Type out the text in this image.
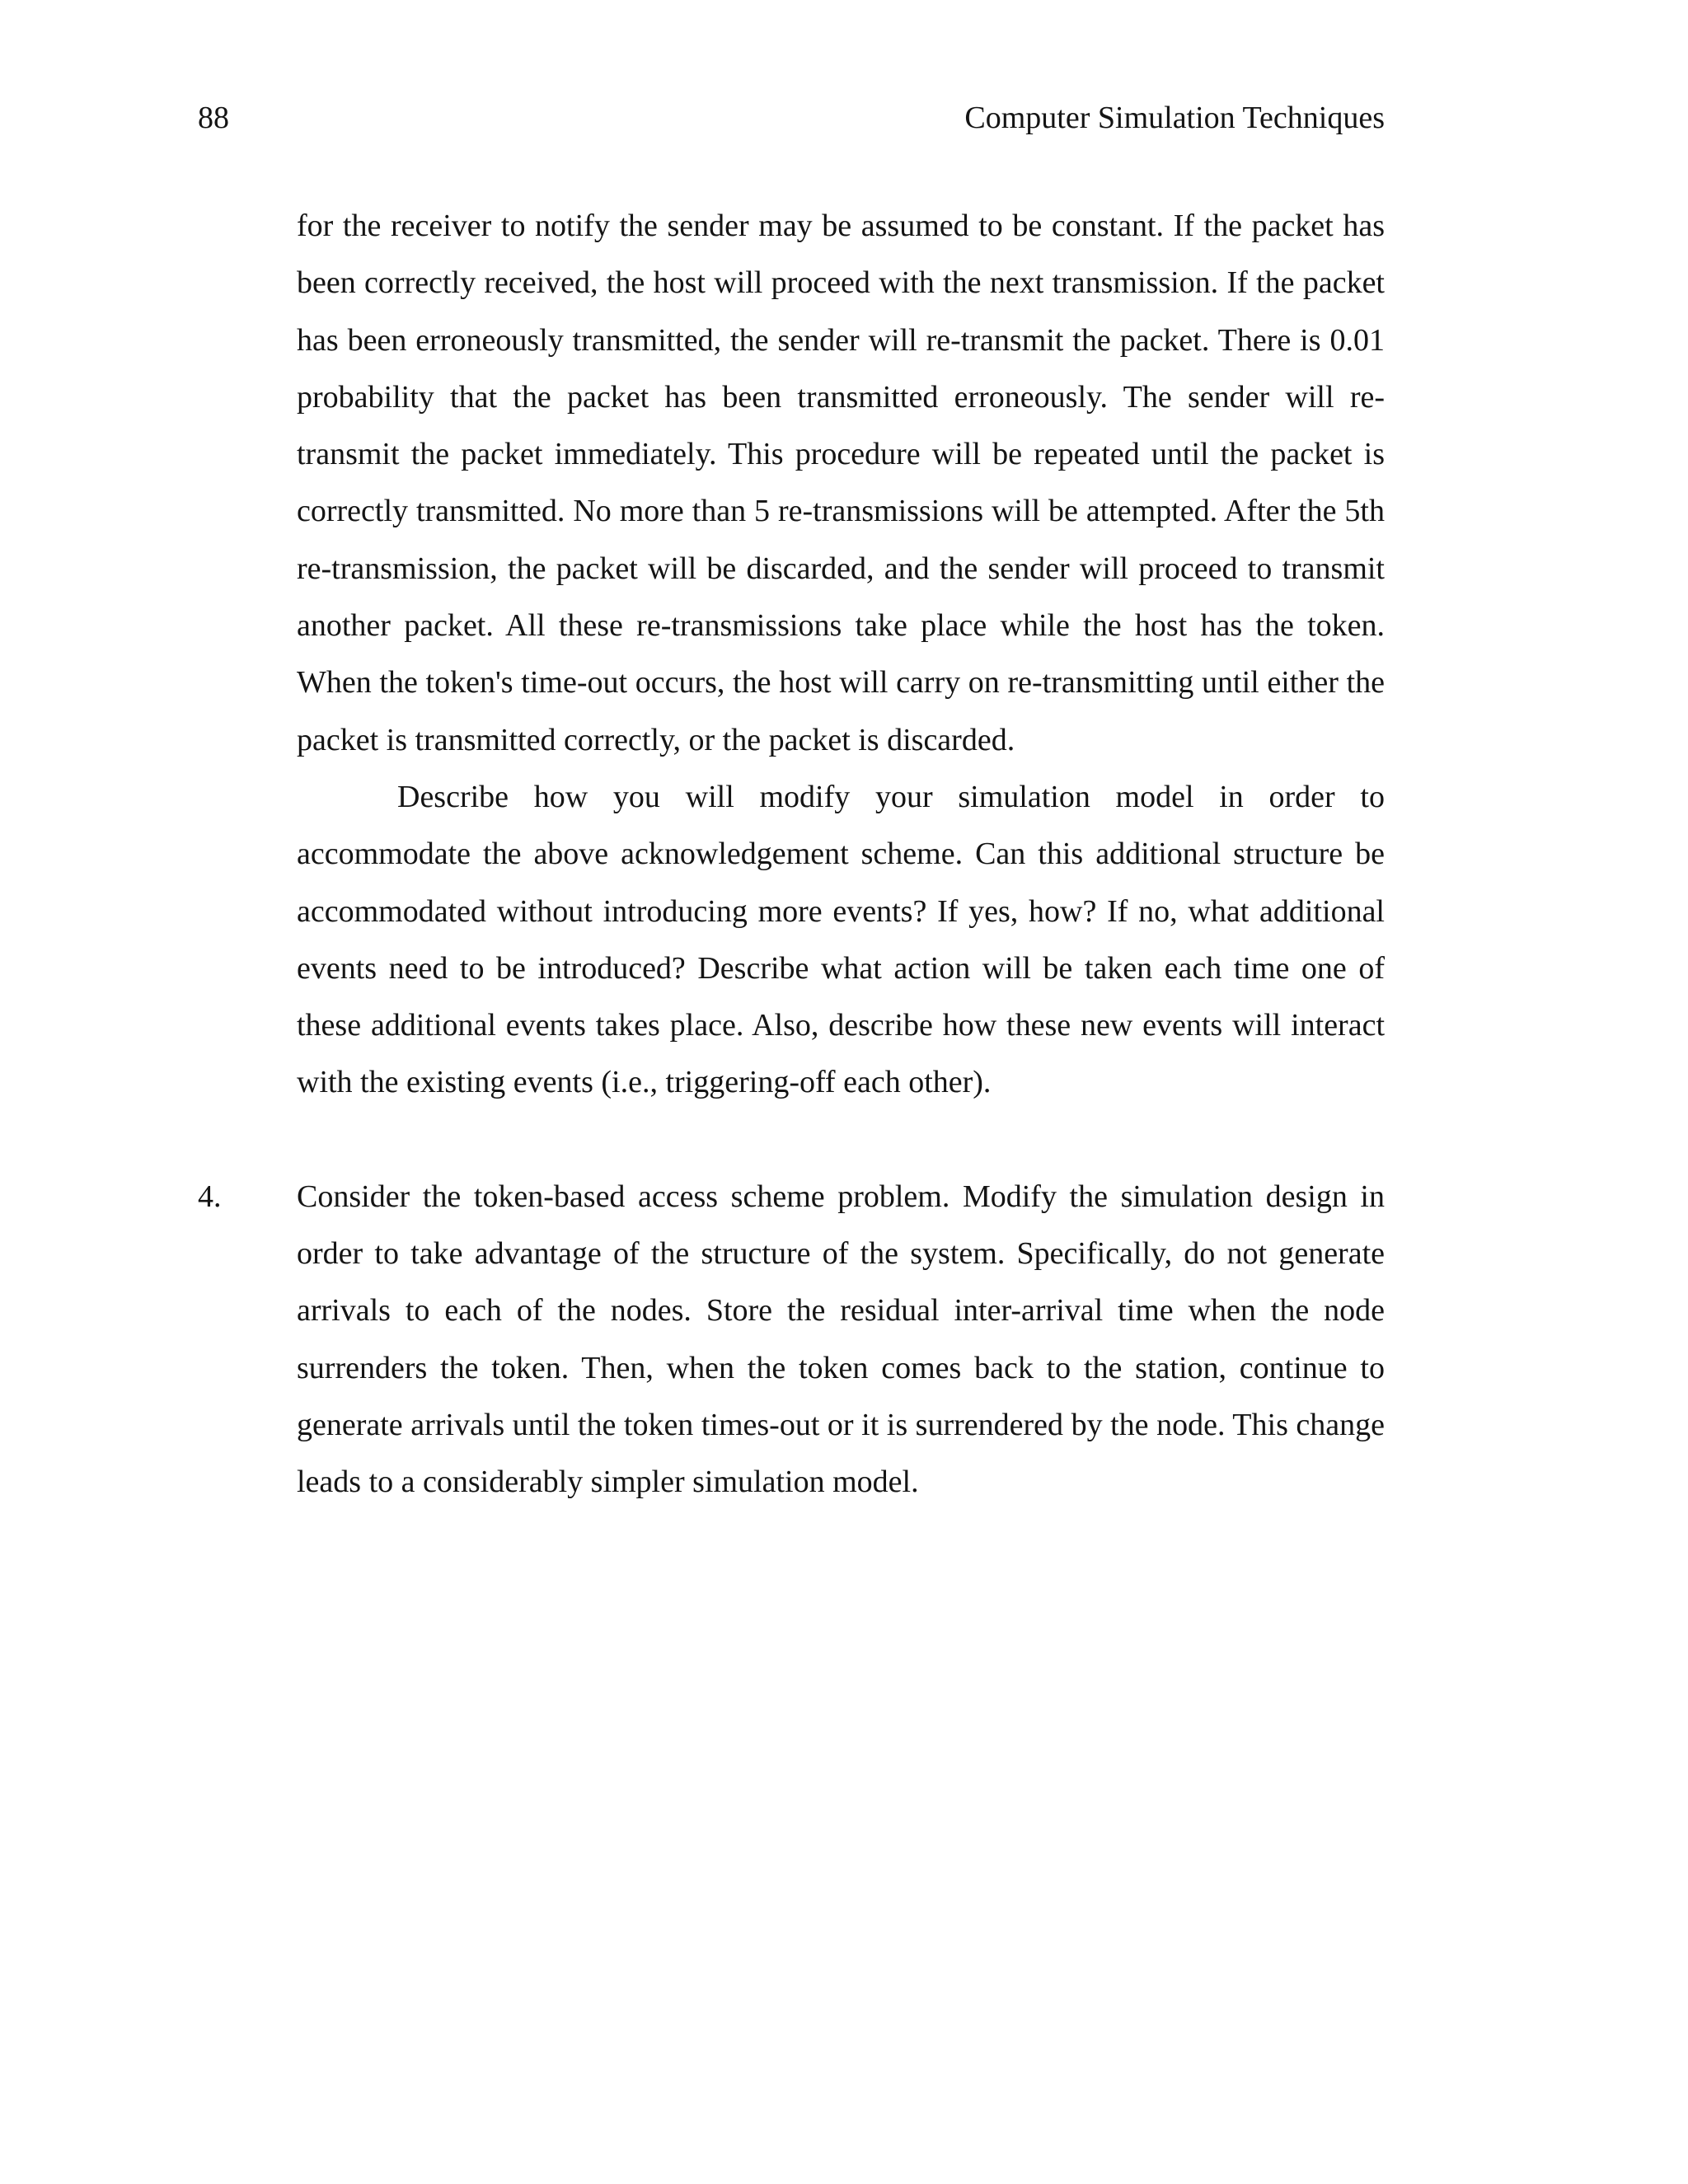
88	Computer Simulation Techniques

for the receiver to notify the sender may be assumed to be constant. If the packet has been correctly received, the host will proceed with the next transmission. If the packet has been erroneously transmitted, the sender will re-transmit the packet. There is 0.01 probability that the packet has been transmitted erroneously. The sender will re-transmit the packet immediately. This procedure will be repeated until the packet is correctly transmitted. No more than 5 re-transmissions will be attempted. After the 5th re-transmission, the packet will be discarded, and the sender will proceed to transmit another packet. All these re-transmissions take place while the host has the token. When the token's time-out occurs, the host will carry on re-transmitting until either the packet is transmitted correctly, or the packet is discarded.

Describe how you will modify your simulation model in order to accommodate the above acknowledgement scheme. Can this additional structure be accommodated without introducing more events? If yes, how? If no, what additional events need to be introduced? Describe what action will be taken each time one of these additional events takes place. Also, describe how these new events will interact with the existing events (i.e., triggering-off each other).

4.	Consider the token-based access scheme problem. Modify the simulation design in order to take advantage of the structure of the system. Specifically, do not generate arrivals to each of the nodes. Store the residual inter-arrival time when the node surrenders the token. Then, when the token comes back to the station, continue to generate arrivals until the token times-out or it is surrendered by the node. This change leads to a considerably simpler simulation model.
